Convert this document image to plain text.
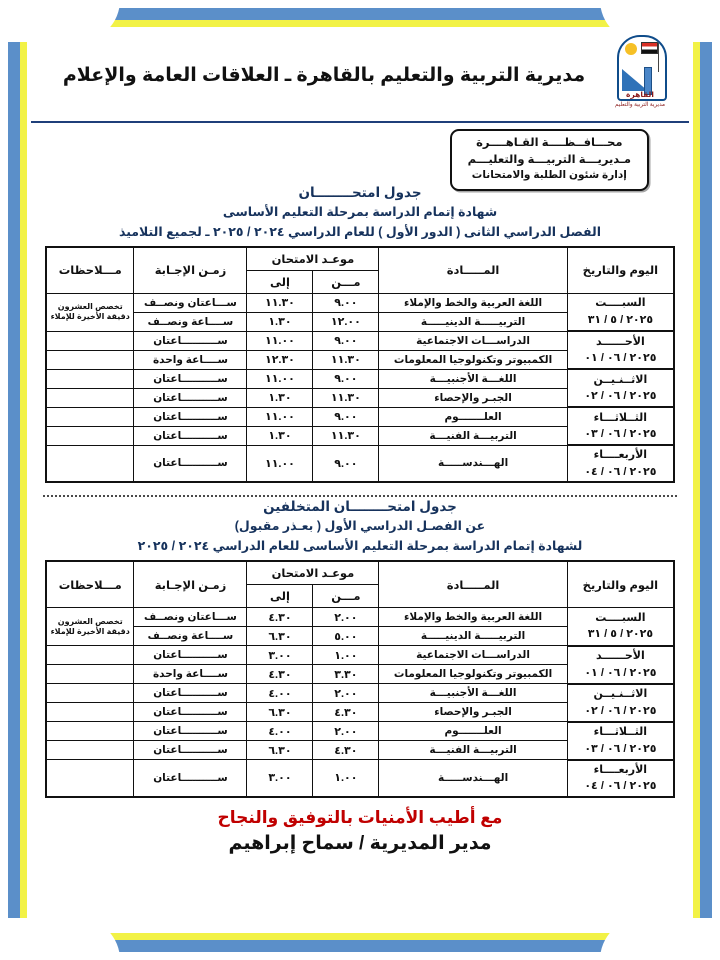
القاهرة
مديرية التربية والتعليم
مديرية التربية والتعليم بالقاهرة ـ العلاقات العامة والإعلام
محـــافــظــــة القـاهــــرة
مـديريـــة التربيـــة والتعليـــم
إدارة شئون الطلبة والامتحانات
جدول امتحــــــــان
شهادة إتمام الدراسة بمرحلة التعليم الأساسى
الفصل الدراسي الثانى ( الدور الأول ) للعام الدراسي ٢٠٢٤ / ٢٠٢٥ ـ لجميع التلاميذ
اليوم والتاريخ	المـــــادة	موعـد الامتحان		زمـن الإجـابة	مـــلاحظات
		مـــن	إلى		

السبــــت
٢٠٢٥ / ٥ / ٣١	اللغة العربية والخط والإملاء	٩.٠٠	١١.٣٠	ســـاعتان ونصــف	تخصص العشرون دقيقة الأخيرة للإملاء
	التربيـــــة الدينيـــــة	١٢.٠٠	١.٣٠	ســــاعة ونصــف	

الأحــــــد
٢٠٢٥ / ٠٦ / ٠١	الدراســـات الاجتماعية	٩.٠٠	١١.٠٠	ســــــــــاعتان	
	الكمبيوتر وتكنولوجيا المعلومات	١١.٣٠	١٢.٣٠	ســــاعة واحدة	

الاثــنـيــن
٢٠٢٥ / ٠٦ / ٠٢	اللغـــة الأجنبيـــة	٩.٠٠	١١.٠٠	ســــــــــاعتان	
	الجبـر والإحصاء	١١.٣٠	١.٣٠	ســــــــــاعتان	

الثــلاثـــاء
٢٠٢٥ / ٠٦ / ٠٣	العلـــــــوم	٩.٠٠	١١.٠٠	ســــــــــاعتان	
	التربيـــة الفنيـــة	١١.٣٠	١.٣٠	ســــــــــاعتان	

الأربعــــاء
٢٠٢٥ / ٠٦ / ٠٤	الهـــندســـــة	٩.٠٠	١١.٠٠	ســــــــــاعتان	
جدول امتحــــــــان المتخلفين
عن الفصـل الدراسي الأول ( بعـذر مقبول)
لشهادة إتمام الدراسة بمرحلة التعليم الأساسى للعام الدراسي ٢٠٢٤ / ٢٠٢٥
اليوم والتاريخ	المـــــادة	موعـد الامتحان		زمـن الإجـابة	مـــلاحظات
		مـــن	إلى		

السبــــت
٢٠٢٥ / ٥ / ٣١	اللغة العربية والخط والإملاء	٢.٠٠	٤.٣٠	ســـاعتان ونصــف	تخصص العشرون دقيقة الأخيرة للإملاء
	التربيـــــة الدينيـــــة	٥.٠٠	٦.٣٠	ســــاعة ونصــف	

الأحــــــد
٢٠٢٥ / ٠٦ / ٠١	الدراســـات الاجتماعية	١.٠٠	٣.٠٠	ســــــــــاعتان	
	الكمبيوتر وتكنولوجيا المعلومات	٣.٣٠	٤.٣٠	ســــاعة واحدة	

الاثــنـيــن
٢٠٢٥ / ٠٦ / ٠٢	اللغـــة الأجنبيـــة	٢.٠٠	٤.٠٠	ســــــــــاعتان	
	الجبـر والإحصاء	٤.٣٠	٦.٣٠	ســــــــــاعتان	

الثــلاثـــاء
٢٠٢٥ / ٠٦ / ٠٣	العلـــــــوم	٢.٠٠	٤.٠٠	ســــــــــاعتان	
	التربيـــة الفنيـــة	٤.٣٠	٦.٣٠	ســــــــــاعتان	

الأربعــــاء
٢٠٢٥ / ٠٦ / ٠٤	الهـــندســـــة	١.٠٠	٣.٠٠	ســــــــــاعتان	
مع أطيب الأمنيات بالتوفيق والنجاح
مدير المديرية / سماح إبراهيم
